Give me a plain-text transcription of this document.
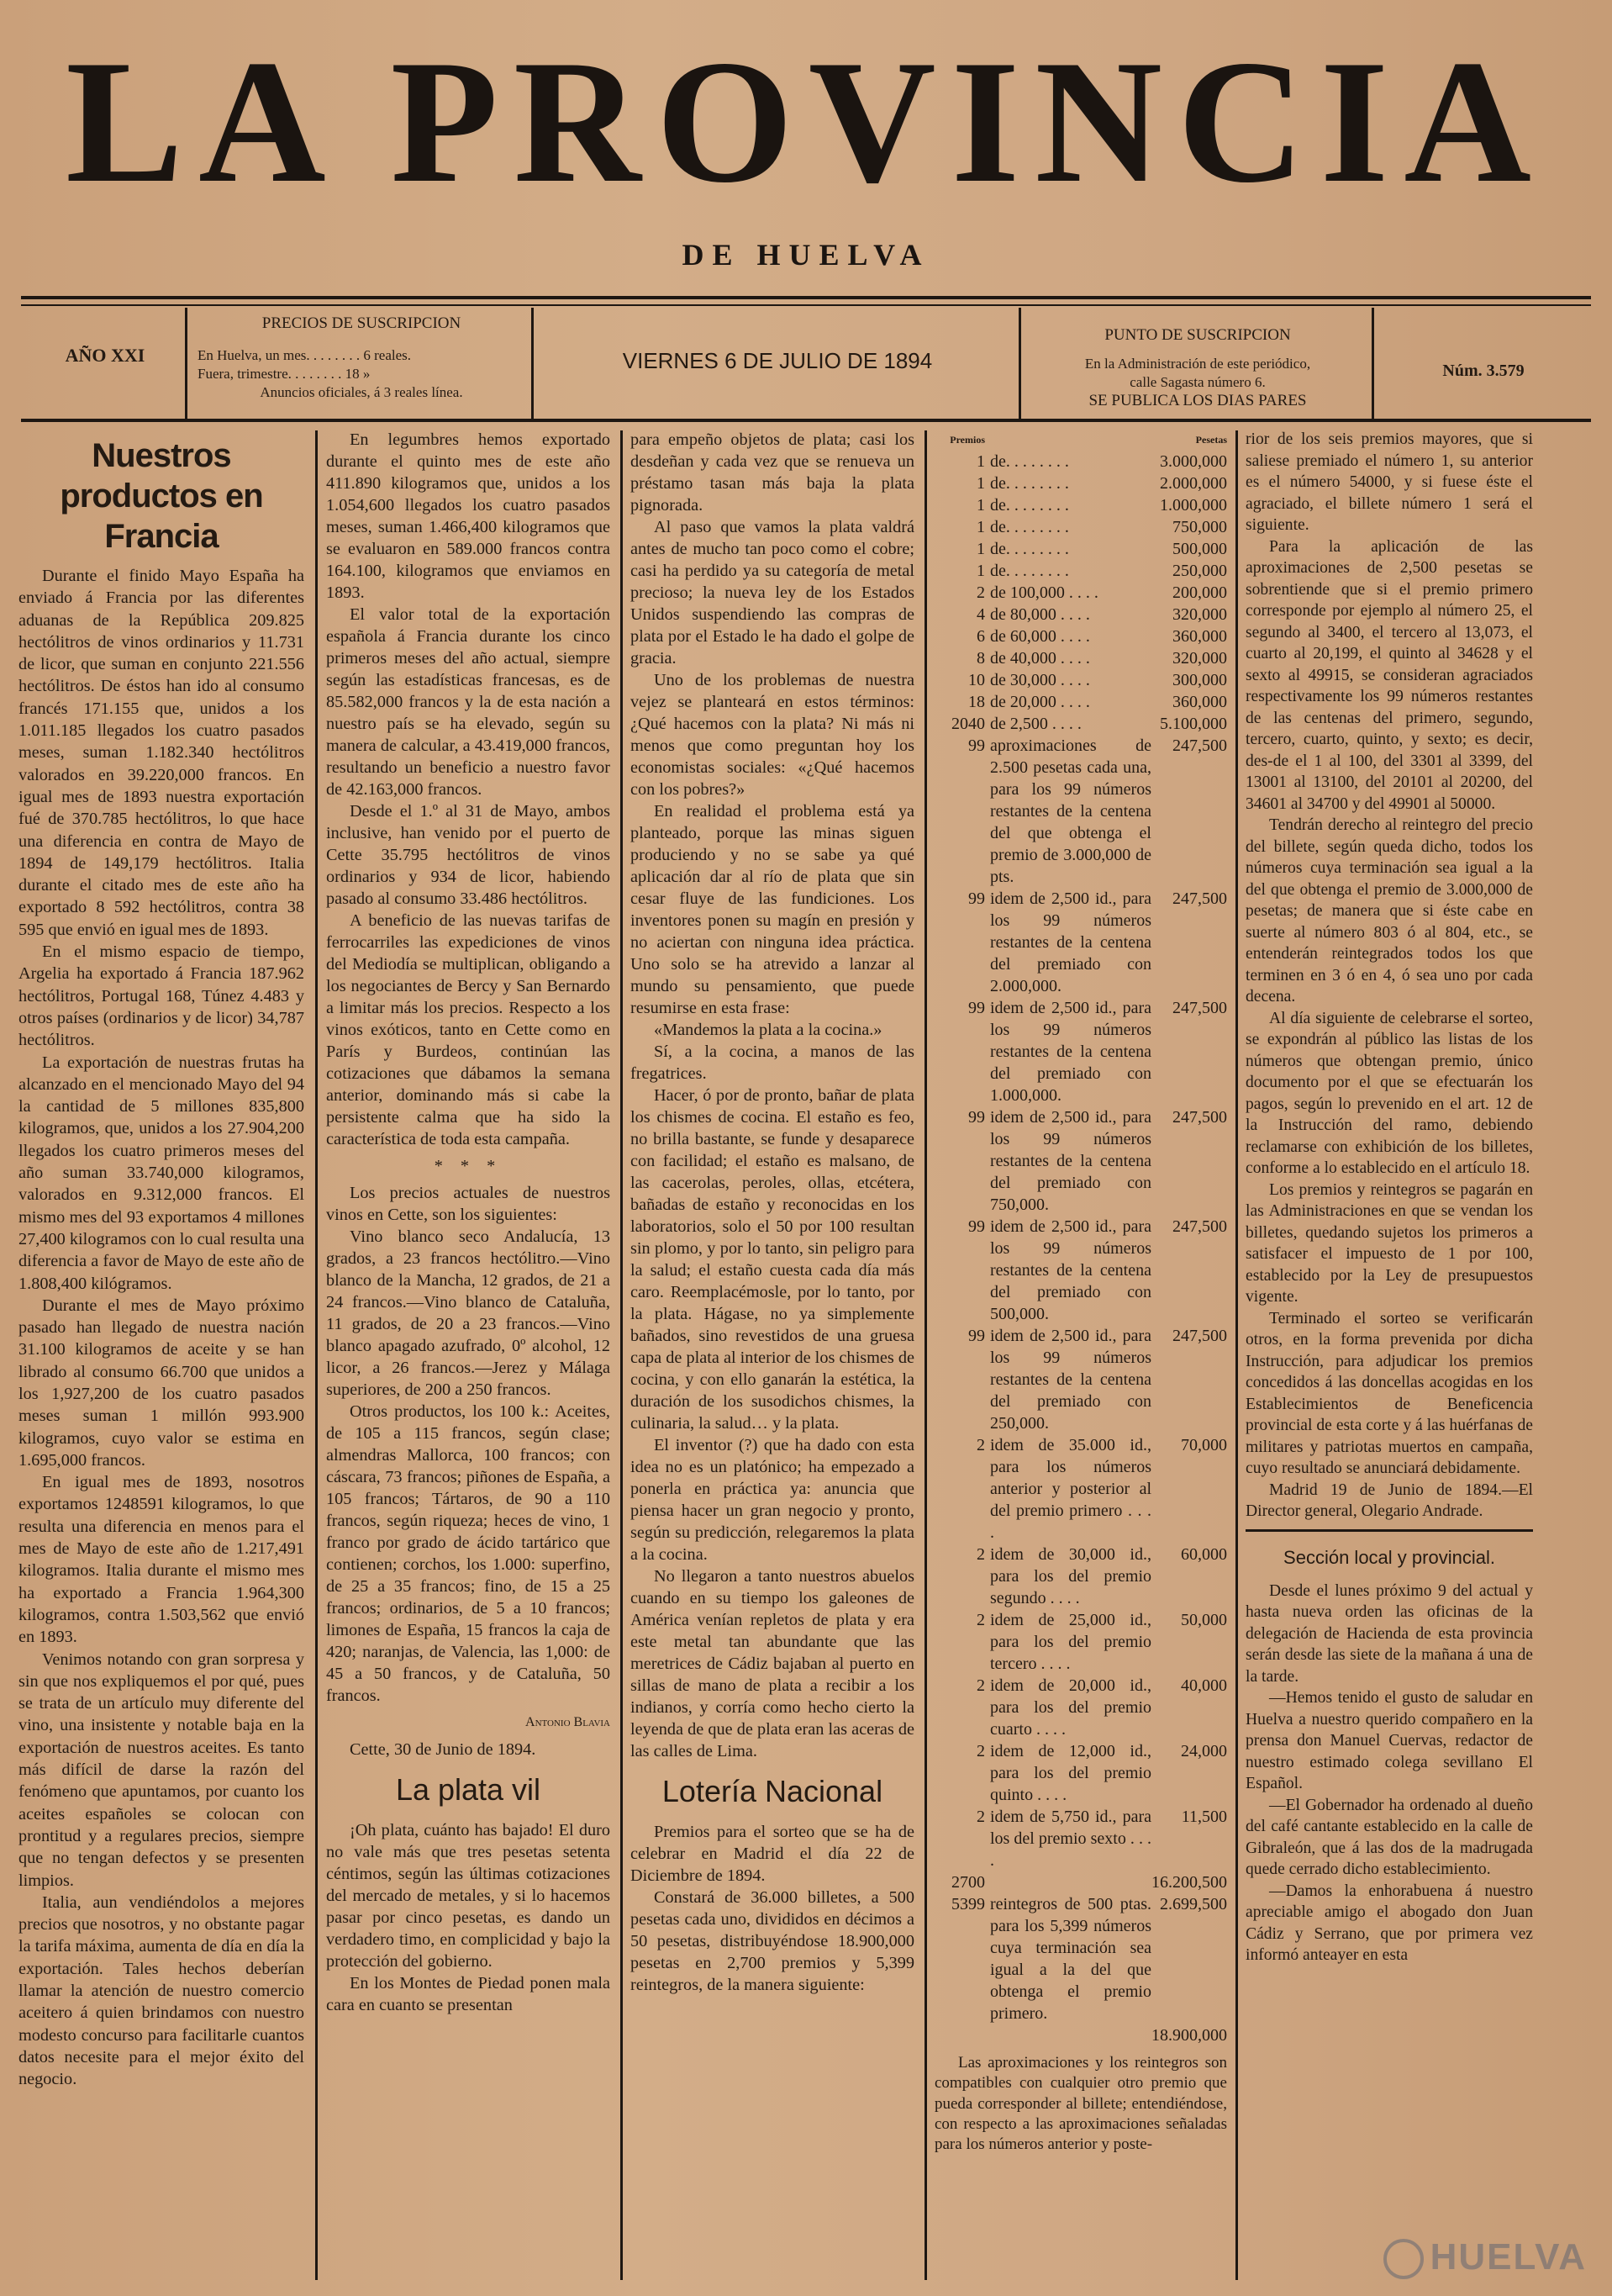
LA PROVINCIA
DE HUELVA
AÑO XXI
PRECIOS DE SUSCRIPCION
En Huelva, un mes. . . . . . . . 6 reales.
Fuera, trimestre. . . . . . . . 18 »
Anuncios oficiales, á 3 reales línea.
VIERNES 6 DE JULIO DE 1894
PUNTO DE SUSCRIPCION
En la Administración de este periódico,
calle Sagasta número 6.
SE PUBLICA LOS DIAS PARES
Núm. 3.579
Nuestros productos en Francia

Durante el finido Mayo España ha enviado á Francia por las diferentes aduanas de la República 209.825 hectólitros de vinos ordinarios y 11.731 de licor, que suman en conjunto 221.556 hectólitros. De éstos han ido al consumo francés 171.155 que, unidos a los 1.011.185 llegados los cuatro pasados meses, suman 1.182.340 hectólitros valorados en 39.220,000 francos. En igual mes de 1893 nuestra exportación fué de 370.785 hectólitros, lo que hace una diferencia en contra de Mayo de 1894 de 149,179 hectólitros. Italia durante el citado mes de este año ha exportado 8 592 hectólitros, contra 38 595 que envió en igual mes de 1893.

En el mismo espacio de tiempo, Argelia ha exportado á Francia 187.962 hectólitros, Portugal 168, Túnez 4.483 y otros países (ordinarios y de licor) 34,787 hectólitros.

La exportación de nuestras frutas ha alcanzado en el mencionado Mayo del 94 la cantidad de 5 millones 835,800 kilogramos, que, unidos a los 27.904,200 llegados los cuatro primeros meses del año suman 33.740,000 kilogramos, valorados en 9.312,000 francos. El mismo mes del 93 exportamos 4 millones 27,400 kilogramos con lo cual resulta una diferencia a favor de Mayo de este año de 1.808,400 kilógramos.

Durante el mes de Mayo próximo pasado han llegado de nuestra nación 31.100 kilogramos de aceite y se han librado al consumo 66.700 que unidos a los 1,927,200 de los cuatro pasados meses suman 1 millón 993.900 kilogramos, cuyo valor se estima en 1.695,000 francos.

En igual mes de 1893, nosotros exportamos 1248591 kilogramos, lo que resulta una diferencia en menos para el mes de Mayo de este año de 1.217,491 kilogramos. Italia durante el mismo mes ha exportado a Francia 1.964,300 kilogramos, contra 1.503,562 que envió en 1893.

Venimos notando con gran sorpresa y sin que nos expliquemos el por qué, pues se trata de un artículo muy diferente del vino, una insistente y notable baja en la exportación de nuestros aceites. Es tanto más difícil de darse la razón del fenómeno que apuntamos, por cuanto los aceites españoles se colocan con prontitud y a regulares precios, siempre que no tengan defectos y se presenten limpios.

Italia, aun vendiéndolos a mejores precios que nosotros, y no obstante pagar la tarifa máxima, aumenta de día en día la exportación. Tales hechos deberían llamar la atención de nuestro comercio aceitero á quien brindamos con nuestro modesto concurso para facilitarle cuantos datos necesite para el mejor éxito del negocio.

En legumbres hemos exportado durante el quinto mes de este año 411.890 kilogramos que, unidos a los 1.054,600 llegados los cuatro pasados meses, suman 1.466,400 kilogramos que se evaluaron en 589.000 francos contra 164.100, kilogramos que enviamos en 1893.

El valor total de la exportación española á Francia durante los cinco primeros meses del año actual, siempre según las estadísticas francesas, es de 85.582,000 francos y la de esta nación a nuestro país se ha elevado, según su manera de calcular, a 43.419,000 francos, resultando un beneficio a nuestro favor de 42.163,000 francos.

Desde el 1.º al 31 de Mayo, ambos inclusive, han venido por el puerto de Cette 35.795 hectólitros de vinos ordinarios y 934 de licor, habiendo pasado al consumo 33.486 hectólitros.

A beneficio de las nuevas tarifas de ferrocarriles las expediciones de vinos del Mediodía se multiplican, obligando a los negociantes de Bercy y San Bernardo a limitar más los precios. Respecto a los vinos exóticos, tanto en Cette como en París y Burdeos, continúan las cotizaciones que dábamos la semana anterior, dominando más si cabe la persistente calma que ha sido la característica de toda esta campaña.

* * *

Los precios actuales de nuestros vinos en Cette, son los siguientes:

Vino blanco seco Andalucía, 13 grados, a 23 francos hectólitro.—Vino blanco de la Mancha, 12 grados, de 21 a 24 francos.—Vino blanco de Cataluña, 11 grados, de 20 a 23 francos.—Vino blanco apagado azufrado, 0º alcohol, 12 licor, a 26 francos.—Jerez y Málaga superiores, de 200 a 250 francos.

Otros productos, los 100 k.: Aceites, de 105 a 115 francos, según clase; almendras Mallorca, 100 francos; con cáscara, 73 francos; piñones de España, a 105 francos; Tártaros, de 90 a 110 francos, según riqueza; heces de vino, 1 franco por grado de ácido tartárico que contienen; corchos, los 1.000: superfino, de 25 a 35 francos; fino, de 15 a 25 francos; ordinarios, de 5 a 10 francos; limones de España, 15 francos la caja de 420; naranjas, de Valencia, las 1,000: de 45 a 50 francos, y de Cataluña, 50 francos.

Antonio Blavia

Cette, 30 de Junio de 1894.

La plata vil

¡Oh plata, cuánto has bajado! El duro no vale más que tres pesetas setenta céntimos, según las últimas cotizaciones del mercado de metales, y si lo hacemos pasar por cinco pesetas, es dando un verdadero timo, en complicidad y bajo la protección del gobierno.

En los Montes de Piedad ponen mala cara en cuanto se presentan

para empeño objetos de plata; casi los desdeñan y cada vez que se renueva un préstamo tasan más baja la plata pignorada.

Al paso que vamos la plata valdrá antes de mucho tan poco como el cobre; casi ha perdido ya su categoría de metal precioso; la nueva ley de los Estados Unidos suspendiendo las compras de plata por el Estado le ha dado el golpe de gracia.

Uno de los problemas de nuestra vejez se planteará en estos términos: ¿Qué hacemos con la plata? Ni más ni menos que como preguntan hoy los economistas sociales: «¿Qué hacemos con los pobres?»

En realidad el problema está ya planteado, porque las minas siguen produciendo y no se sabe ya qué aplicación dar al río de plata que sin cesar fluye de las fundiciones. Los inventores ponen su magín en presión y no aciertan con ninguna idea práctica. Uno solo se ha atrevido a lanzar al mundo su pensamiento, que puede resumirse en esta frase:

«Mandemos la plata a la cocina.»

Sí, a la cocina, a manos de las fregatrices.

Hacer, ó por de pronto, bañar de plata los chismes de cocina. El estaño es feo, no brilla bastante, se funde y desaparece con facilidad; el estaño es malsano, de las cacerolas, peroles, ollas, etcétera, bañadas de estaño y reconocidas en los laboratorios, solo el 50 por 100 resultan sin plomo, y por lo tanto, sin peligro para la salud; el estaño cuesta cada día más caro. Reemplacémosle, por lo tanto, por la plata. Hágase, no ya simplemente bañados, sino revestidos de una gruesa capa de plata al interior de los chismes de cocina, y con ello ganarán la estética, la duración de los susodichos chismes, la culinaria, la salud… y la plata.

El inventor (?) que ha dado con esta idea no es un platónico; ha empezado a ponerla en práctica ya: anuncia que piensa hacer un gran negocio y pronto, según su predicción, relegaremos la plata a la cocina.

No llegaron a tanto nuestros abuelos cuando en su tiempo los galeones de América venían repletos de plata y era este metal tan abundante que las meretrices de Cádiz bajaban al puerto en sillas de mano de plata a recibir a los indianos, y corría como hecho cierto la leyenda de que de plata eran las aceras de las calles de Lima.

Lotería Nacional

Premios para el sorteo que se ha de celebrar en Madrid el día 22 de Diciembre de 1894.

Constará de 36.000 billetes, a 500 pesetas cada uno, divididos en décimos a 50 pesetas, distribuyéndose 18.900,000 pesetas en 2,700 premios y 5,399 reintegros, de la manera siguiente:

Premios		Pesetas
1	de. . . . . . . .	3.000,000
1	de. . . . . . . .	2.000,000
1	de. . . . . . . .	1.000,000
1	de. . . . . . . .	750,000
1	de. . . . . . . .	500,000
1	de. . . . . . . .	250,000
2	de 100,000 . . . .	200,000
4	de 80,000 . . . .	320,000
6	de 60,000 . . . .	360,000
8	de 40,000 . . . .	320,000
10	de 30,000 . . . .	300,000
18	de 20,000 . . . .	360,000
2040	de 2,500 . . . .	5.100,000
99	aproximaciones de 2.500 pesetas cada una, para los 99 números restantes de la centena del que obtenga el premio de 3.000,000 de pts.	247,500
99	idem de 2,500 id., para los 99 números restantes de la centena del premiado con 2.000,000.	247,500
99	idem de 2,500 id., para los 99 números restantes de la centena del premiado con 1.000,000.	247,500
99	idem de 2,500 id., para los 99 números restantes de la centena del premiado con 750,000.	247,500
99	idem de 2,500 id., para los 99 números restantes de la centena del premiado con 500,000.	247,500
99	idem de 2,500 id., para los 99 números restantes de la centena del premiado con 250,000.	247,500
2	idem de 35.000 id., para los números anterior y posterior al del premio primero . . . .	70,000
2	idem de 30,000 id., para los del premio segundo . . . .	60,000
2	idem de 25,000 id., para los del premio tercero . . . .	50,000
2	idem de 20,000 id., para los del premio cuarto . . . .	40,000
2	idem de 12,000 id., para los del premio quinto . . . .	24,000
2	idem de 5,750 id., para los del premio sexto . . . .	11,500
2700		16.200,500
5399	reintegros de 500 ptas. para los 5,399 números cuya terminación sea igual a la del que obtenga el premio primero.	2.699,500
		18.900,000

Las aproximaciones y los reintegros son compatibles con cualquier otro premio que pueda corresponder al billete; entendiéndose, con respecto a las aproximaciones señaladas para los números anterior y poste-

rior de los seis premios mayores, que si saliese premiado el número 1, su anterior es el número 54000, y si fuese éste el agraciado, el billete número 1 será el siguiente.

Para la aplicación de las aproximaciones de 2,500 pesetas se sobrentiende que si el premio primero corresponde por ejemplo al número 25, el segundo al 3400, el tercero al 13,073, el cuarto al 20,199, el quinto al 34628 y el sexto al 49915, se consideran agraciados respectivamente los 99 números restantes de las centenas del primero, segundo, tercero, cuarto, quinto, y sexto; es decir, des-de el 1 al 100, del 3301 al 3399, del 13001 al 13100, del 20101 al 20200, del 34601 al 34700 y del 49901 al 50000.

Tendrán derecho al reintegro del precio del billete, según queda dicho, todos los números cuya terminación sea igual a la del que obtenga el premio de 3.000,000 de pesetas; de manera que si éste cabe en suerte al número 803 ó al 804, etc., se entenderán reintegrados todos los que terminen en 3 ó en 4, ó sea uno por cada decena.

Al día siguiente de celebrarse el sorteo, se expondrán al público las listas de los números que obtengan premio, único documento por el que se efectuarán los pagos, según lo prevenido en el art. 12 de la Instrucción del ramo, debiendo reclamarse con exhibición de los billetes, conforme a lo establecido en el artículo 18.

Los premios y reintegros se pagarán en las Administraciones en que se vendan los billetes, quedando sujetos los primeros a satisfacer el impuesto de 1 por 100, establecido por la Ley de presupuestos vigente.

Terminado el sorteo se verificarán otros, en la forma prevenida por dicha Instrucción, para adjudicar los premios concedidos á las doncellas acogidas en los Establecimientos de Beneficencia provincial de esta corte y á las huérfanas de militares y patriotas muertos en campaña, cuyo resultado se anunciará debidamente.

Madrid 19 de Junio de 1894.—El Director general, Olegario Andrade.

Sección local y provincial.

Desde el lunes próximo 9 del actual y hasta nueva orden las oficinas de la delegación de Hacienda de esta provincia serán desde las siete de la mañana á una de la tarde.

—Hemos tenido el gusto de saludar en Huelva a nuestro querido compañero en la prensa don Manuel Cuervas, redactor de nuestro estimado colega sevillano El Español.

—El Gobernador ha ordenado al dueño del café cantante establecido en la calle de Gibraleón, que á las dos de la madrugada quede cerrado dicho establecimiento.

—Damos la enhorabuena á nuestro apreciable amigo el abogado don Juan Cádiz y Serrano, que por primera vez informó anteayer en esta

HUELVA
